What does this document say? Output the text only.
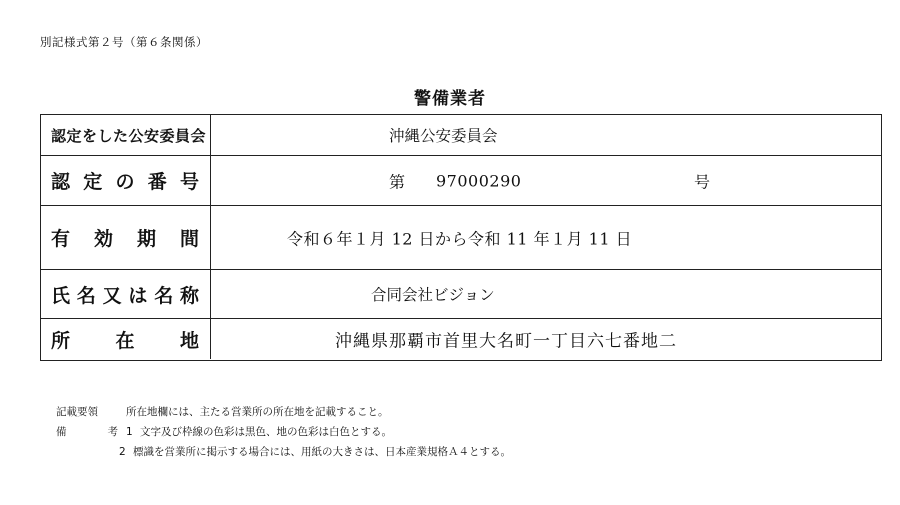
別記様式第２号（第６条関係）
警備業者
認定をした公安委員会	沖縄公安委員会
認 定 の 番 号	第 97000290	号
有 効 期 間	令和６年１月 12 日から令和 11 年１月 11 日
氏 名 又 は 名 称	合同会社ビジョン
所 在 地	沖縄県那覇市首里大名町一丁目六七番地二
記載要領	所在地欄には、主たる営業所の所在地を記載すること。
備	考 1 文字及び枠線の色彩は黒色、地の色彩は白色とする。
2 標識を営業所に掲示する場合には、用紙の大きさは、日本産業規格Ａ４とする。
